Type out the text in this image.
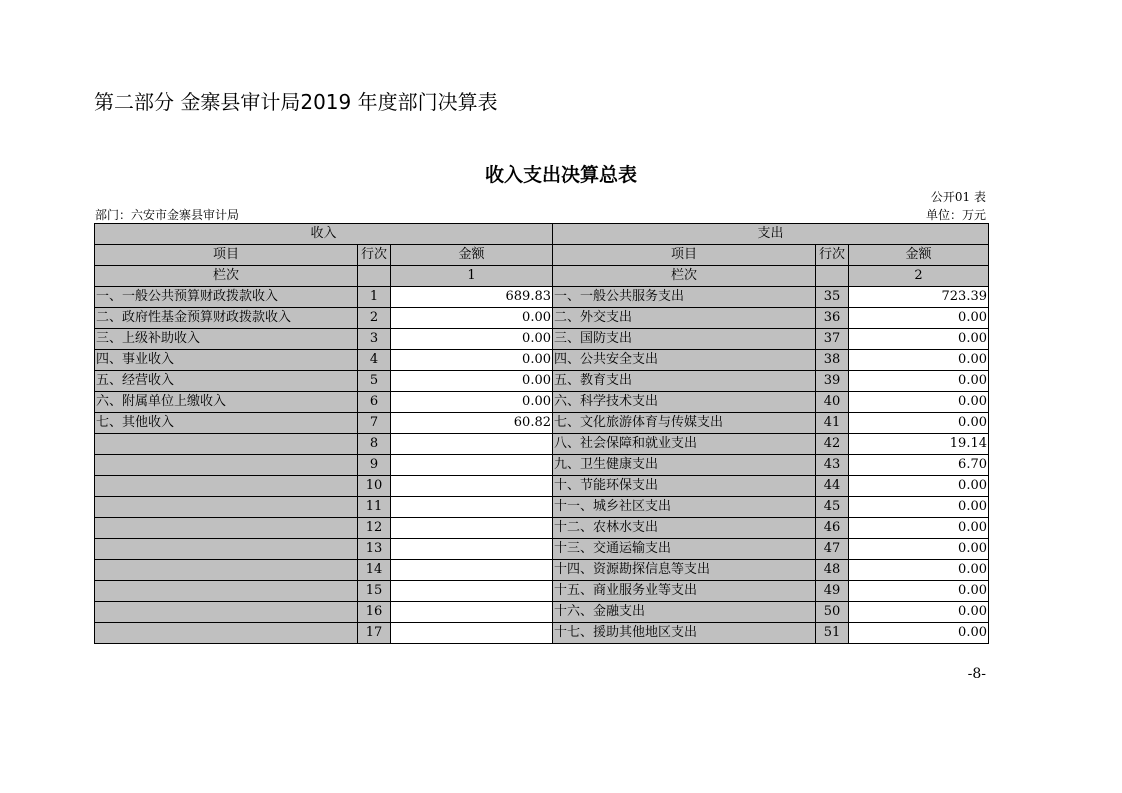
第二部分 金寨县审计局2019 年度部门决算表
收入支出决算总表
公开01 表
部门：六安市金寨县审计局	单位：万元
收入			支出		
项目	行次	金额	项目	行次	金额
栏次		1	栏次		2
一、一般公共预算财政拨款收入	1	689.83	一、一般公共服务支出	35	723.39
二、政府性基金预算财政拨款收入	2	0.00	二、外交支出	36	0.00
三、上级补助收入	3	0.00	三、国防支出	37	0.00
四、事业收入	4	0.00	四、公共安全支出	38	0.00
五、经营收入	5	0.00	五、教育支出	39	0.00
六、附属单位上缴收入	6	0.00	六、科学技术支出	40	0.00
七、其他收入	7	60.82	七、文化旅游体育与传媒支出	41	0.00
	8		八、社会保障和就业支出	42	19.14
	9		九、卫生健康支出	43	6.70
	10		十、节能环保支出	44	0.00
	11		十一、城乡社区支出	45	0.00
	12		十二、农林水支出	46	0.00
	13		十三、交通运输支出	47	0.00
	14		十四、资源勘探信息等支出	48	0.00
	15		十五、商业服务业等支出	49	0.00
	16		十六、金融支出	50	0.00
	17		十七、援助其他地区支出	51	0.00
-8-
